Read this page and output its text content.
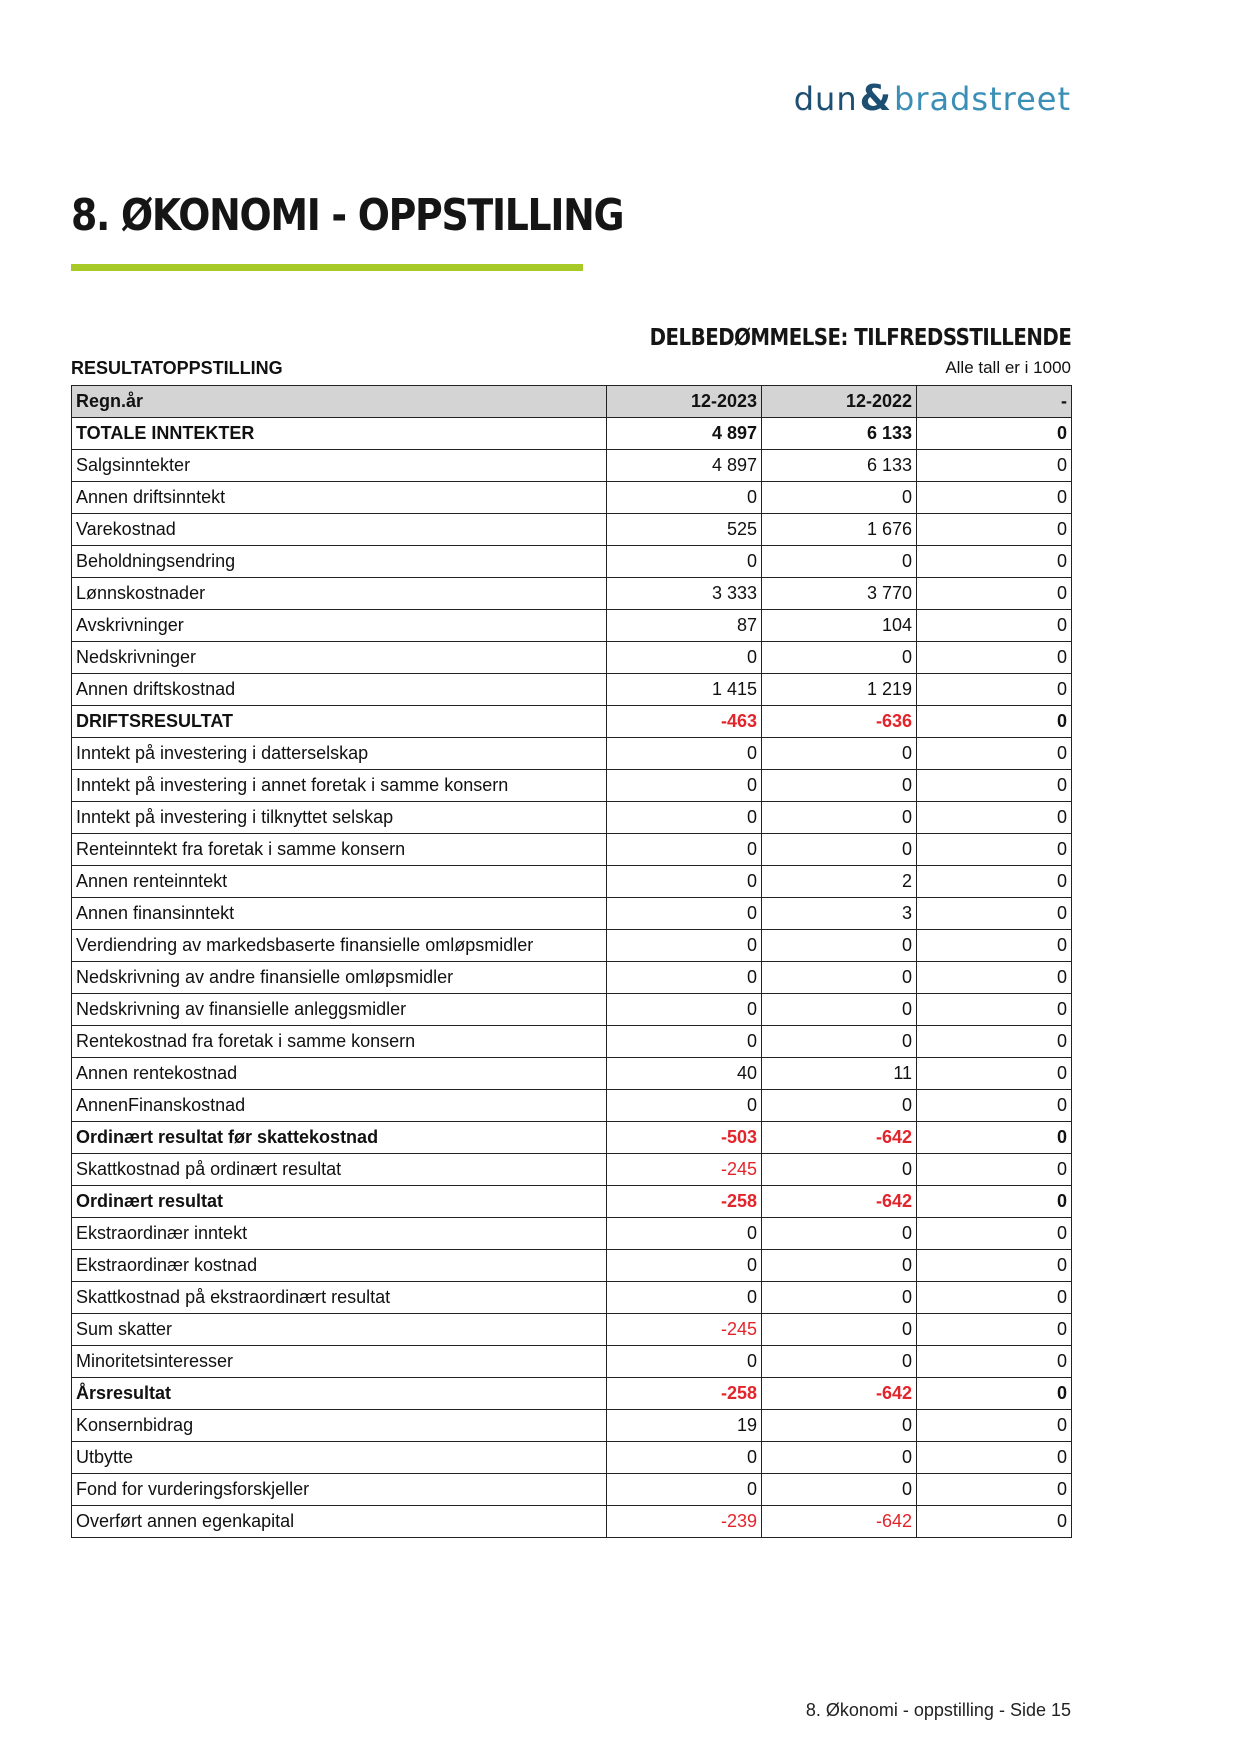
dun & bradstreet
8. ØKONOMI - OPPSTILLING
DELBEDØMMELSE: TILFREDSSTILLENDE
RESULTATOPPSTILLING	Alle tall er i 1000
Regn.år	12-2023	12-2022	-
TOTALE INNTEKTER	4 897	6 133	0
Salgsinntekter	4 897	6 133	0
Annen driftsinntekt	0	0	0
Varekostnad	525	1 676	0
Beholdningsendring	0	0	0
Lønnskostnader	3 333	3 770	0
Avskrivninger	87	104	0
Nedskrivninger	0	0	0
Annen driftskostnad	1 415	1 219	0
DRIFTSRESULTAT	-463	-636	0
Inntekt på investering i datterselskap	0	0	0
Inntekt på investering i annet foretak i samme konsern	0	0	0
Inntekt på investering i tilknyttet selskap	0	0	0
Renteinntekt fra foretak i samme konsern	0	0	0
Annen renteinntekt	0	2	0
Annen finansinntekt	0	3	0
Verdiendring av markedsbaserte finansielle omløpsmidler	0	0	0
Nedskrivning av andre finansielle omløpsmidler	0	0	0
Nedskrivning av finansielle anleggsmidler	0	0	0
Rentekostnad fra foretak i samme konsern	0	0	0
Annen rentekostnad	40	11	0
AnnenFinanskostnad	0	0	0
Ordinært resultat før skattekostnad	-503	-642	0
Skattkostnad på ordinært resultat	-245	0	0
Ordinært resultat	-258	-642	0
Ekstraordinær inntekt	0	0	0
Ekstraordinær kostnad	0	0	0
Skattkostnad på ekstraordinært resultat	0	0	0
Sum skatter	-245	0	0
Minoritetsinteresser	0	0	0
Årsresultat	-258	-642	0
Konsernbidrag	19	0	0
Utbytte	0	0	0
Fond for vurderingsforskjeller	0	0	0
Overført annen egenkapital	-239	-642	0
8. Økonomi - oppstilling - Side 15
